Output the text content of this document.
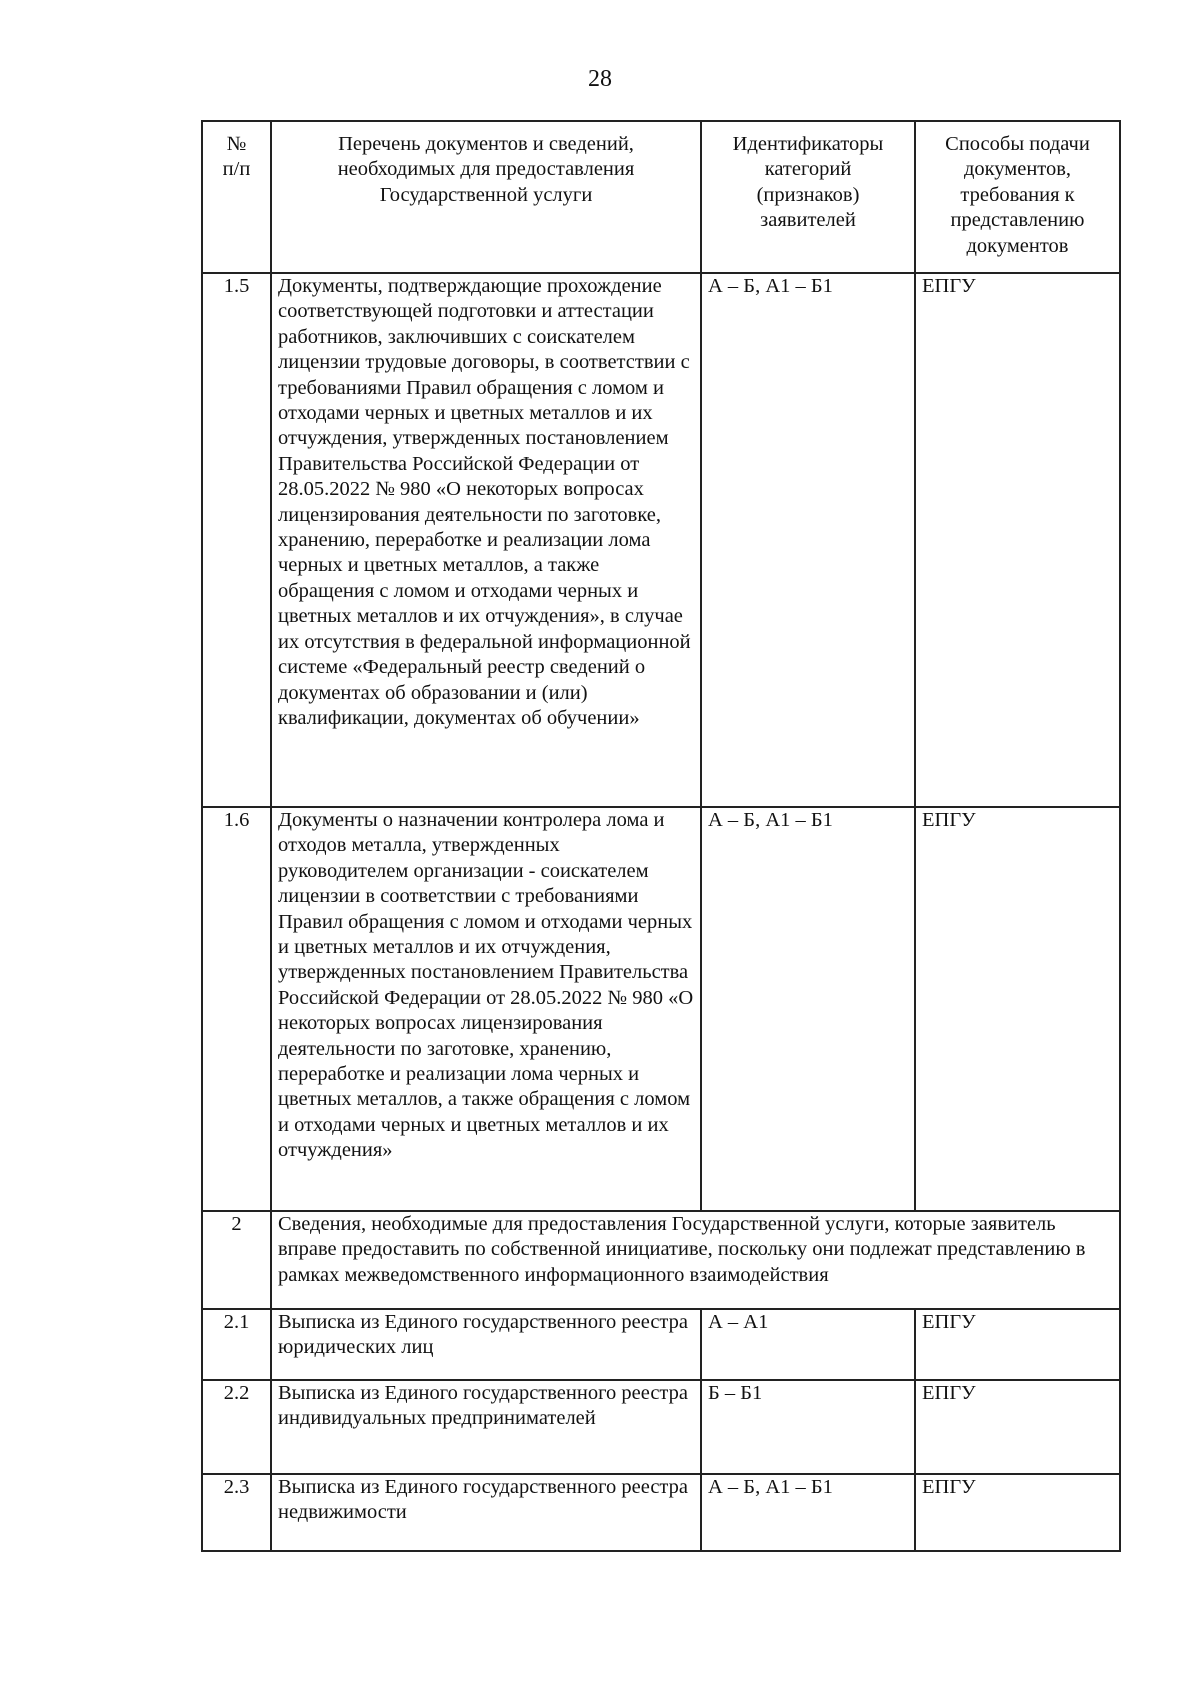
28
№ п/п	Перечень документов и сведений, необходимых для предоставления Государственной услуги	Идентификаторы категорий (признаков) заявителей	Способы подачи документов, требования к представлению документов
1.5	Документы, подтверждающие прохождение соответствующей подготовки и аттестации работников, заключивших с соискателем лицензии трудовые договоры, в соответствии с требованиями Правил обращения с ломом и отходами черных и цветных металлов и их отчуждения, утвержденных постановлением Правительства Российской Федерации от 28.05.2022 № 980 «О некоторых вопросах лицензирования деятельности по заготовке, хранению, переработке и реализации лома черных и цветных металлов, а также обращения с ломом и отходами черных и цветных металлов и их отчуждения», в случае их отсутствия в федеральной информационной системе «Федеральный реестр сведений о документах об образовании и (или) квалификации, документах об обучении»	А – Б, А1 – Б1	ЕПГУ
1.6	Документы о назначении контролера лома и отходов металла, утвержденных руководителем организации - соискателем лицензии в соответствии с требованиями Правил обращения с ломом и отходами черных и цветных металлов и их отчуждения, утвержденных постановлением Правительства Российской Федерации от 28.05.2022 № 980 «О некоторых вопросах лицензирования деятельности по заготовке, хранению, переработке и реализации лома черных и цветных металлов, а также обращения с ломом и отходами черных и цветных металлов и их отчуждения»	А – Б, А1 – Б1	ЕПГУ
2	Сведения, необходимые для предоставления Государственной услуги, которые заявитель вправе предоставить по собственной инициативе, поскольку они подлежат представлению в рамках межведомственного информационного взаимодействия		
2.1	Выписка из Единого государственного реестра юридических лиц	А – А1	ЕПГУ
2.2	Выписка из Единого государственного реестра индивидуальных предпринимателей	Б – Б1	ЕПГУ
2.3	Выписка из Единого государственного реестра недвижимости	А – Б, А1 – Б1	ЕПГУ
